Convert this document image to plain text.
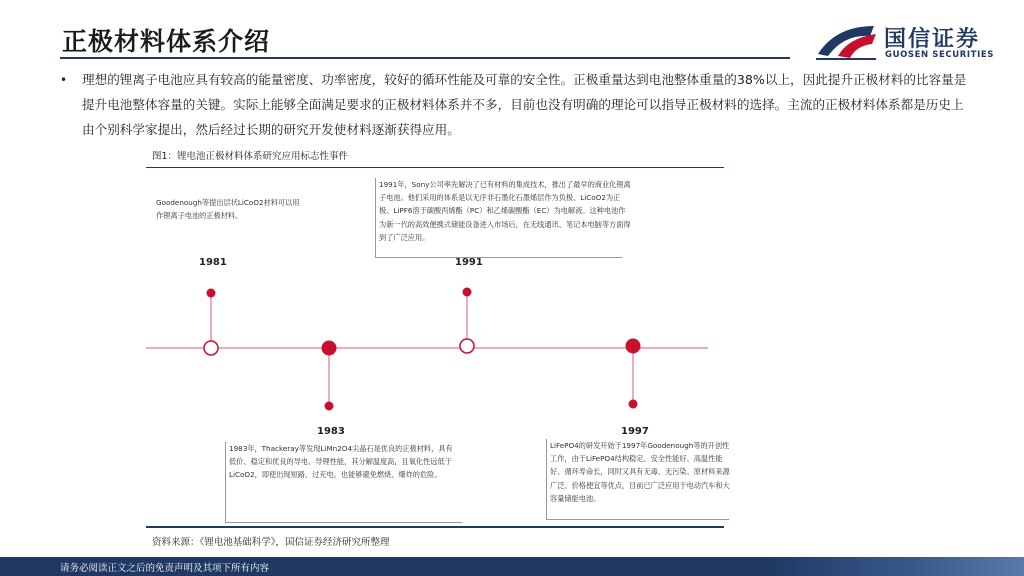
正极材料体系介绍	国信证券
GUOSEN SECURITIES
• 理想的锂离子电池应具有较高的能量密度、功率密度，较好的循环性能及可靠的安全性。正极重量达到电池整体重量的38%以上，因此提升正极材料的比容量是提升电池整体容量的关键。实际上能够全面满足要求的正极材料体系并不多，目前也没有明确的理论可以指导正极材料的选择。主流的正极材料体系都是历史上由个别科学家提出，然后经过长期的研究开发使材料逐渐获得应用。

图1：锂电池正极材料体系研究应用标志性事件
1981	1991
1983	1997

Goodenough等提出层状LiCoO2材料可以用作锂离子电池的正极材料。

1991年，Sony公司率先解决了已有材料的集成技术，推出了最早的商业化锂离子电池。他们采用的体系是以无序非石墨化石墨烯层作为负极、LiCoO2为正极、LiPF6溶于碳酸丙烯酯（PC）和乙烯碳酸酯（EC）为电解液。这种电池作为新一代的高效便携式储能设备进入市场后，在无线通讯、笔记本电脑等方面得到了广泛应用。

1983年，Thackeray等发现LiMn2O4尖晶石是优良的正极材料，具有低价、稳定和优良的导电、导锂性能，其分解温度高，且氧化性远低于LiCoO2，即使出现短路、过充电，也能够避免燃烧、爆炸的危险。

LiFePO4的研发开始于1997年Goodenough等的开创性工作，由于LiFePO4结构稳定、安全性能好、高温性能好、循环寿命长，同时又具有无毒、无污染、原材料来源广泛、价格便宜等优点，目前已广泛应用于电动汽车和大容量储能电池。

资料来源：《锂电池基础科学》，国信证券经济研究所整理
请务必阅读正文之后的免责声明及其项下所有内容
